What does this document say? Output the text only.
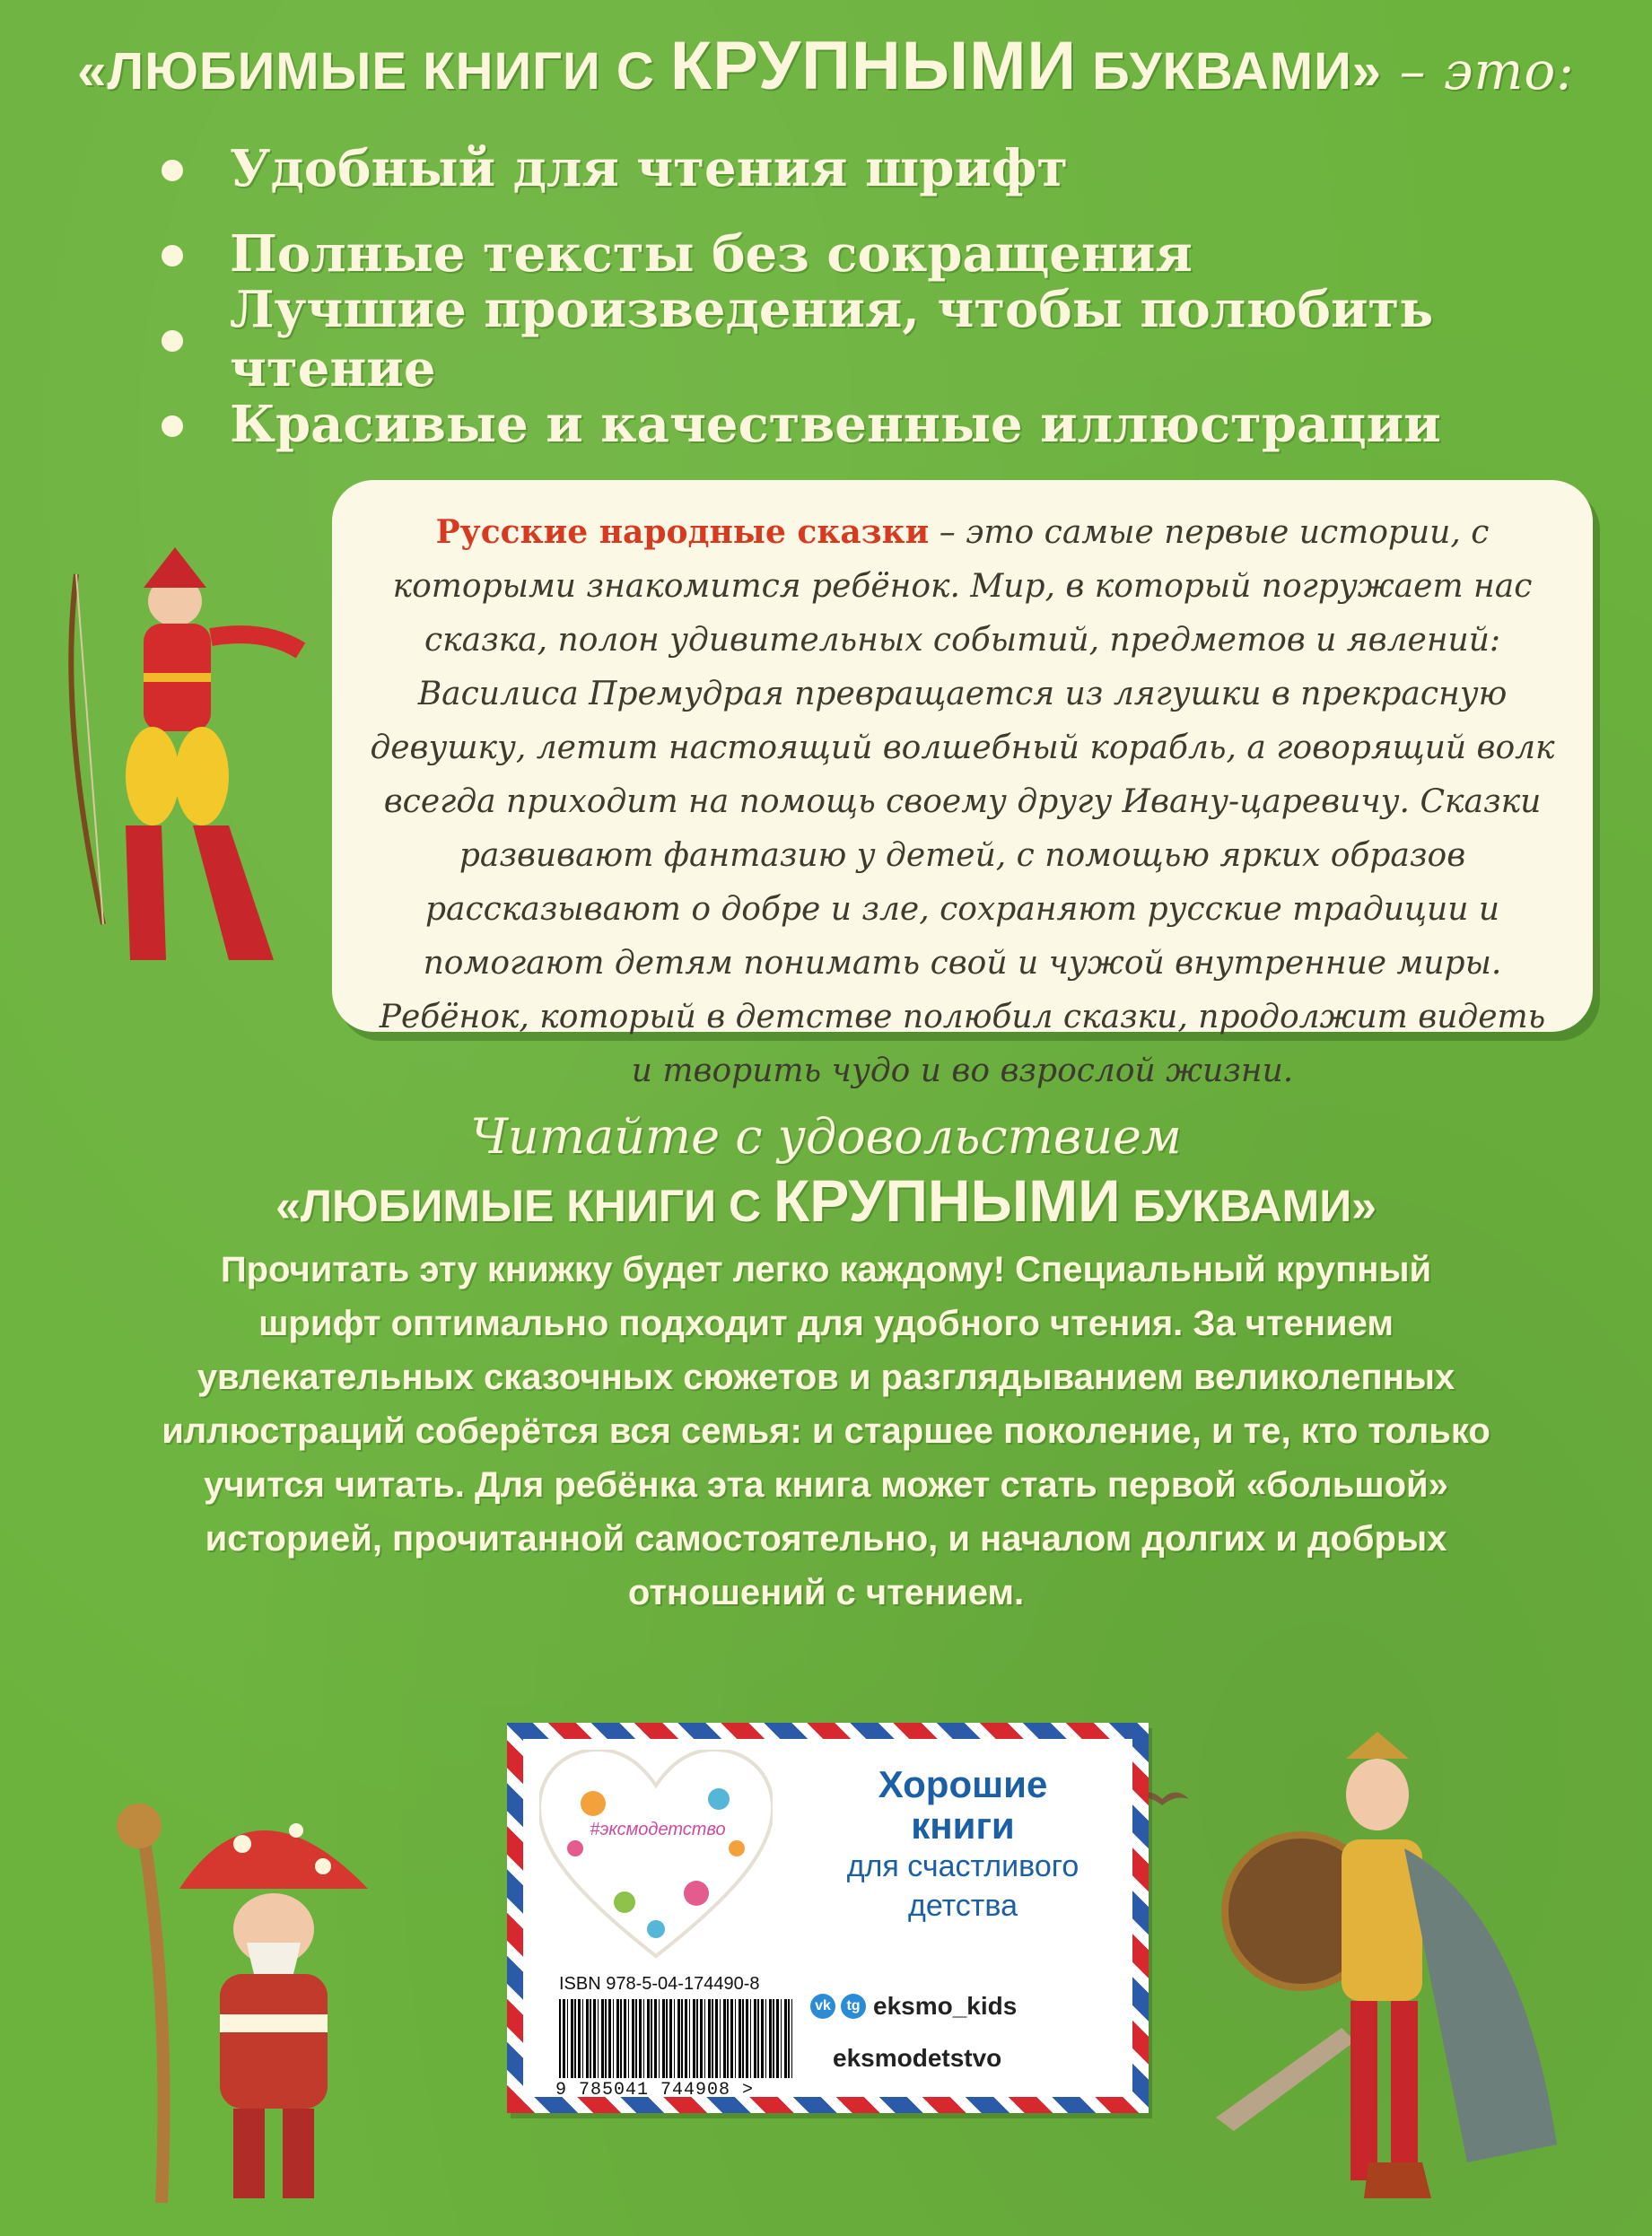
«ЛЮБИМЫЕ КНИГИ С КРУПНЫМИ БУКВАМИ» – это:
Удобный для чтения шрифт
Полные тексты без сокращения
Лучшие произведения, чтобы полюбить чтение
Красивые и качественные иллюстрации
Русские народные сказки – это самые первые истории, с которыми знакомится ребёнок. Мир, в который погружает нас сказка, полон удивительных событий, предметов и явлений: Василиса Премудрая превращается из лягушки в прекрасную девушку, летит настоящий волшебный корабль, а говорящий волк всегда приходит на помощь своему другу Ивану-царевичу. Сказки развивают фантазию у детей, с помощью ярких образов рассказывают о добре и зле, сохраняют русские традиции и помогают детям понимать свой и чужой внутренние миры. Ребёнок, который в детстве полюбил сказки, продолжит видеть и творить чудо и во взрослой жизни.
Читайте с удовольствием
«ЛЮБИМЫЕ КНИГИ С КРУПНЫМИ БУКВАМИ»
Прочитать эту книжку будет легко каждому! Специальный крупный шрифт оптимально подходит для удобного чтения. За чтением увлекательных сказочных сюжетов и разглядыванием великолепных иллюстраций соберётся вся семья: и старшее поколение, и те, кто только учится читать. Для ребёнка эта книга может стать первой «большой» историей, прочитанной самостоятельно, и началом долгих и добрых отношений с чтением.
#эксмодетство
Хорошие
книги
для счастливого
детства
ISBN 978-5-04-174490-8
9 785041 744908 >
vk	tg eksmo_kids
eksmodetstvo
